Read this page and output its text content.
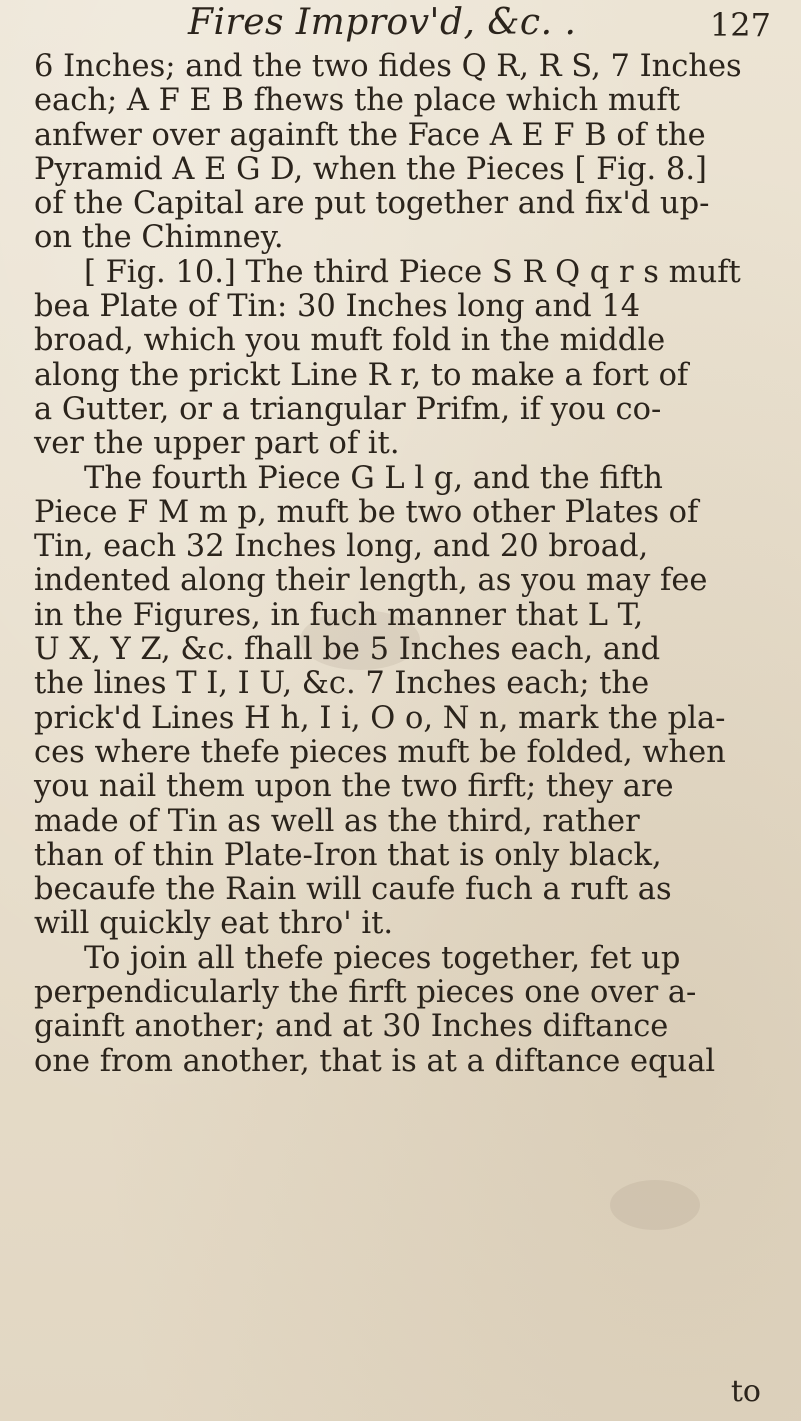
Fires Improv'd, &c. .	127
6 Inches; and the two fides Q R, R S, 7 Inches
each; A F E B fhews the place which muft
anfwer over againft the Face A E F B of the
Pyramid A E G D, when the Pieces [ Fig. 8.]
of the Capital are put together and fix'd up-
on the Chimney.
[ Fig. 10.] The third Piece S R Q q r s muft
bea Plate of Tin: 30 Inches long and 14
broad, which you muft fold in the middle
along the prickt Line R r, to make a fort of
a Gutter, or a triangular Prifm, if you co-
ver the upper part of it.
The fourth Piece G L l g, and the fifth
Piece F M m p, muft be two other Plates of
Tin, each 32 Inches long, and 20 broad,
indented along their length, as you may fee
in the Figures, in fuch manner that L T,
U X, Y Z, &c. fhall be 5 Inches each, and
the lines T I, I U, &c. 7 Inches each; the
prick'd Lines H h, I i, O o, N n, mark the pla-
ces where thefe pieces muft be folded, when
you nail them upon the two firft; they are
made of Tin as well as the third, rather
than of thin Plate-Iron that is only black,
becaufe the Rain will caufe fuch a ruft as
will quickly eat thro' it.
To join all thefe pieces together, fet up
perpendicularly the firft pieces one over a-
gainft another; and at 30 Inches diftance
one from another, that is at a diftance equal
to
